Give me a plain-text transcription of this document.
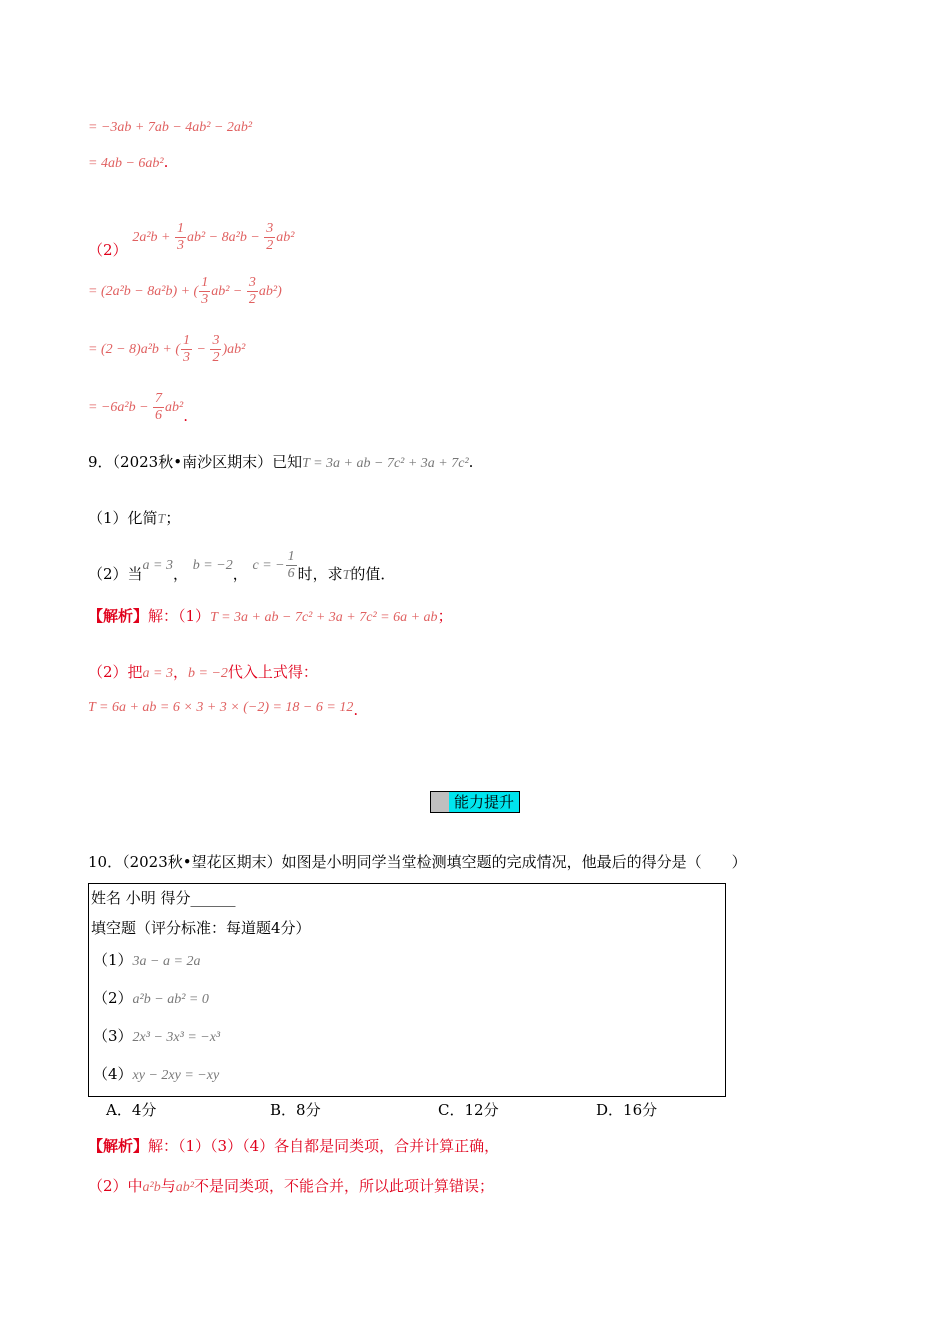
= −3ab + 7ab − 4ab² − 2ab²
= 4ab − 6ab².
（2） $2a^2b + \frac{1}{3} ab^2 - 8a^2b - \frac{3}{2} ab^2$
= (2a²b − 8a²b) + ( $\frac{1}{3} ab^2 - \frac{3}{2} ab^2$)
= (2 − 8)a²b + ( $\frac{1}{3} - \frac{3}{2} )ab^2$
= $-6a^2b - \frac{7}{6} ab^2$.
9．（2023秋•南沙区期末）已知T = 3a + ab − 7c² + 3a + 7c².
（1）化简T；
（2）当a = 3， b = −2， c = − $\frac{1}{6}$ 时，求T的值．
【解析】解：（1）T = 3a + ab − 7c² + 3a + 7c² = 6a + ab；
（2）把a = 3，b = −2代入上式得：
T = 6a + ab = 6 × 3 + 3 × (−2) = 18 − 6 = 12.
能力提升
10．（2023秋•望花区期末）如图是小明同学当堂检测填空题的完成情况，他最后的得分是（　　）
姓名 小明 得分______
填空题（评分标准：每道题4分）
（1）3a − a = 2a
（2）a²b − ab² = 0
（3）2x³ − 3x³ = −x³
（4）xy − 2xy = −xy
A．4分	B．8分	C．12分	D．16分
【解析】解：（1）（3）（4）各自都是同类项，合并计算正确，
（2）中a²b与ab²不是同类项，不能合并，所以此项计算错误；
